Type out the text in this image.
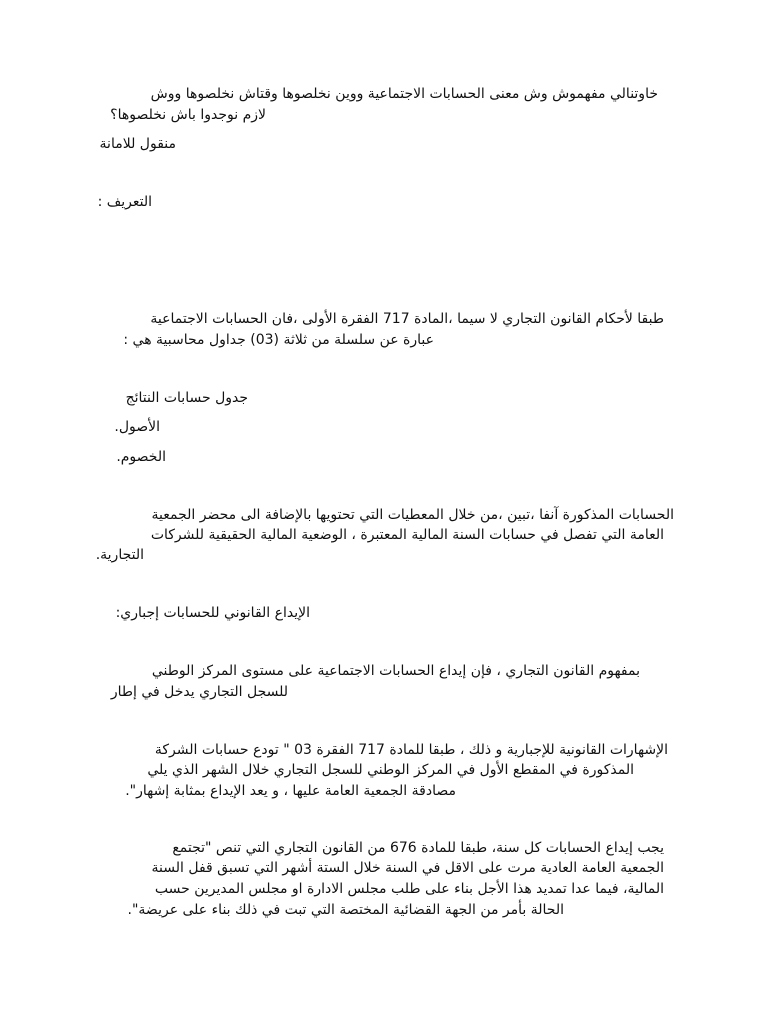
خاوتنالي مفهموش وش معنى الحسابات الاجتماعية ووين نخلصوها وقتاش نخلصوها ووش
لازم نوجدوا باش نخلصوها؟
منقول للامانة
التعريف :
طبقا لأحكام القانون التجاري لا سيما ،المادة 717 الفقرة الأولى ،فان الحسابات الاجتماعية
عبارة عن سلسلة من ثلاثة (03) جداول محاسبية هي :
جدول حسابات النتائج
الأصول.
الخصوم.
الحسابات المذكورة آنفا ،تبين ،من خلال المعطيات التي تحتويها بالإضافة الى محضر الجمعية
العامة التي تفصل في حسابات السنة المالية المعتبرة ، الوضعية المالية الحقيقية للشركات
التجارية.
الإيداع القانوني للحسابات إجباري:
بمفهوم القانون التجاري ، فإن إيداع الحسابات الاجتماعية على مستوى المركز الوطني
للسجل التجاري يدخل في إطار
الإشهارات القانونية للإجبارية و ذلك ، طبقا للمادة 717 الفقرة 03 " تودع حسابات الشركة
المذكورة في المقطع الأول في المركز الوطني للسجل التجاري خلال الشهر الذي يلي
مصادقة الجمعية العامة عليها ، و يعد الإيداع بمثابة إشهار".
يجب إيداع الحسابات كل سنة، طبقا للمادة 676 من القانون التجاري التي تنص "تجتمع
الجمعية العامة العادية مرت على الاقل في السنة خلال الستة أشهر التي تسبق قفل السنة
المالية، فيما عدا تمديد هذا الأجل بناء على طلب مجلس الادارة او مجلس المديرين حسب
الحالة بأمر من الجهة القضائية المختصة التي تبت في ذلك بناء على عريضة".
